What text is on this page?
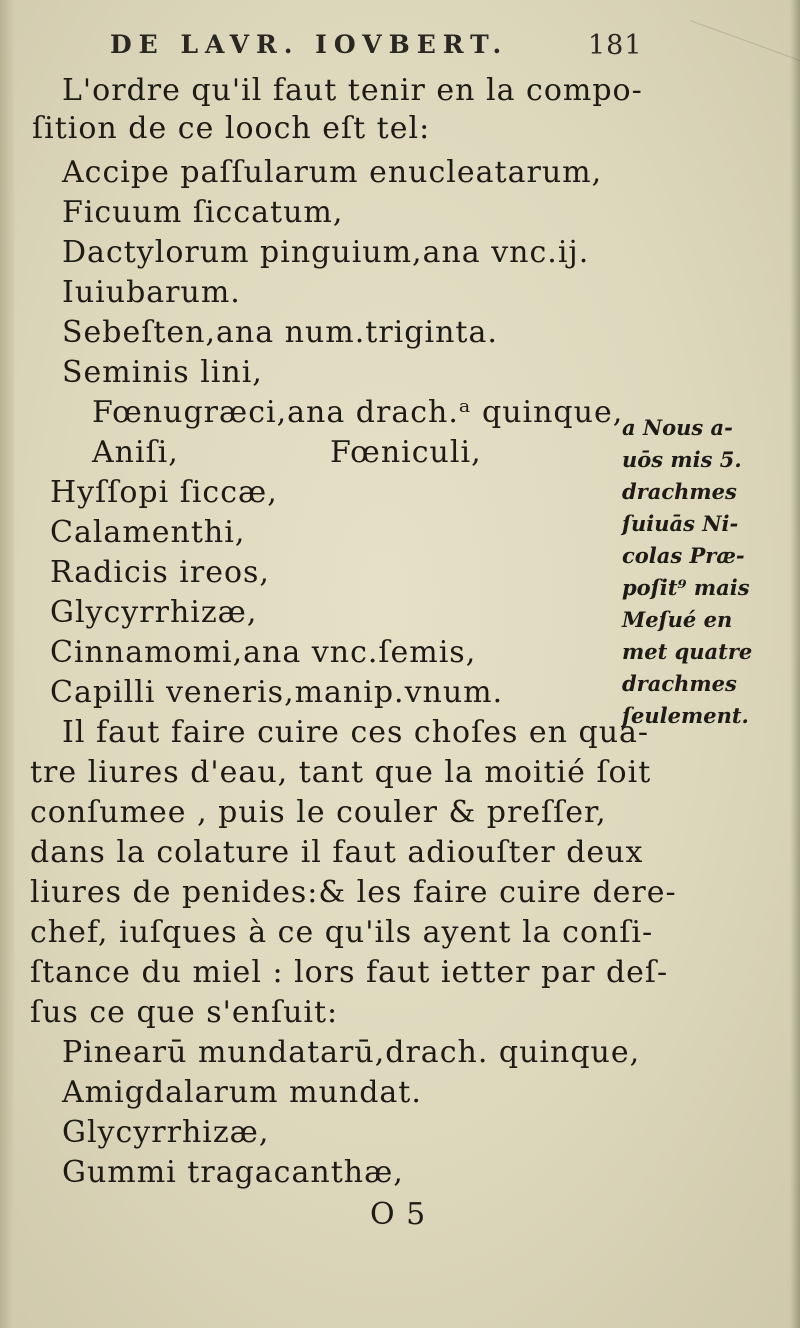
DE LAVR. IOVBERT.	181
L'ordre qu'il faut tenir en la compo-
ſition de ce looch eſt tel:
Accipe paſſularum enucleatarum,
Ficuum ſiccatum,
Dactylorum pinguium,ana vnc.ij.
Iuiubarum.
Sebeſten,ana num.triginta.
Seminis lini,
Fœnugræci,ana drach.ᵃ quinque,
Aniſi,	Fœniculi,
Hyſſopi ſiccæ,
Calamenthi,
Radicis ireos,
Glycyrrhizæ,
Cinnamomi,ana vnc.ſemis,
Capilli veneris,manip.vnum.
Il faut faire cuire ces choſes en qua-
tre liures d'eau, tant que la moitié ſoit
conſumee , puis le couler & preſſer,
dans la colature il faut adiouſter deux
liures de penides:& les faire cuire dere-
chef, iuſques à ce qu'ils ayent la conſi-
ſtance du miel : lors faut ietter par deſ-
ſus ce que s'enſuit:
Pinearū mundatarū,drach. quinque,
Amigdalarum mundat.
Glycyrrhizæ,
Gummi tragacanthæ,
O 5
a Nous a-
uōs mis 5.
drachmes
ſuiuās Ni-
colas Præ-
poſit⁹ mais
Meſué en
met quatre
drachmes
ſeulement.
